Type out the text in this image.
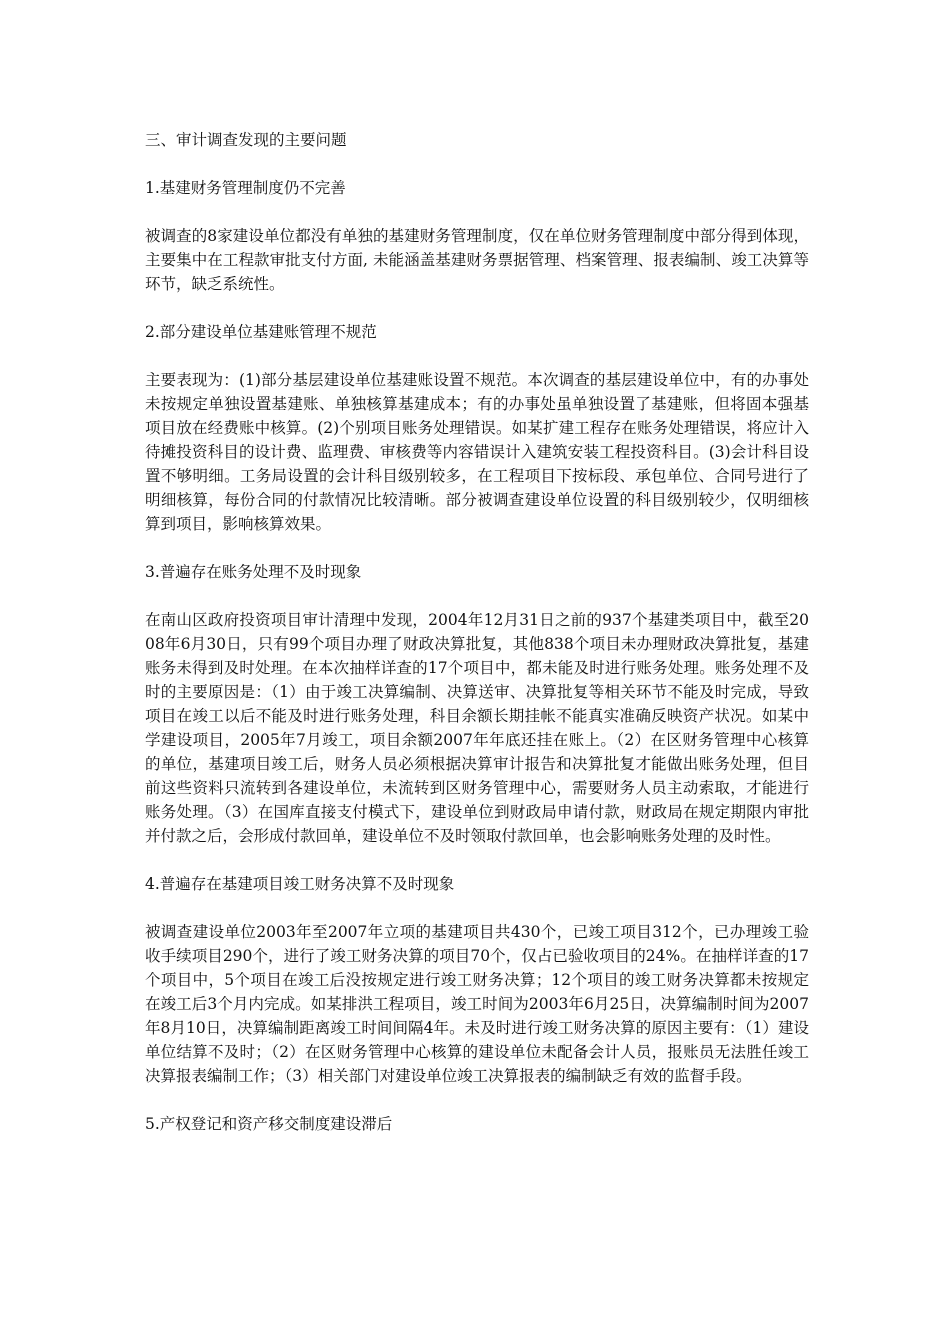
三、审计调查发现的主要问题

1.基建财务管理制度仍不完善

被调查的8家建设单位都没有单独的基建财务管理制度，仅在单位财务管理制度中部分得到体现，主要集中在工程款审批支付方面, 未能涵盖基建财务票据管理、档案管理、报表编制、竣工决算等环节，缺乏系统性。

2.部分建设单位基建账管理不规范

主要表现为：(1)部分基层建设单位基建账设置不规范。本次调查的基层建设单位中，有的办事处未按规定单独设置基建账、单独核算基建成本；有的办事处虽单独设置了基建账，但将固本强基项目放在经费账中核算。(2)个别项目账务处理错误。如某扩建工程存在账务处理错误，将应计入待摊投资科目的设计费、监理费、审核费等内容错误计入建筑安装工程投资科目。(3)会计科目设置不够明细。工务局设置的会计科目级别较多，在工程项目下按标段、承包单位、合同号进行了明细核算，每份合同的付款情况比较清晰。部分被调查建设单位设置的科目级别较少，仅明细核算到项目，影响核算效果。

3.普遍存在账务处理不及时现象

在南山区政府投资项目审计清理中发现，2004年12月31日之前的937个基建类项目中，截至2008年6月30日，只有99个项目办理了财政决算批复，其他838个项目未办理财政决算批复，基建账务未得到及时处理。在本次抽样详查的17个项目中，都未能及时进行账务处理。账务处理不及时的主要原因是：（1）由于竣工决算编制、决算送审、决算批复等相关环节不能及时完成，导致项目在竣工以后不能及时进行账务处理，科目余额长期挂帐不能真实准确反映资产状况。如某中学建设项目，2005年7月竣工，项目余额2007年年底还挂在账上。（2）在区财务管理中心核算的单位，基建项目竣工后，财务人员必须根据决算审计报告和决算批复才能做出账务处理，但目前这些资料只流转到各建设单位，未流转到区财务管理中心，需要财务人员主动索取，才能进行账务处理。（3）在国库直接支付模式下，建设单位到财政局申请付款，财政局在规定期限内审批并付款之后，会形成付款回单，建设单位不及时领取付款回单，也会影响账务处理的及时性。

4.普遍存在基建项目竣工财务决算不及时现象

被调查建设单位2003年至2007年立项的基建项目共430个，已竣工项目312个，已办理竣工验收手续项目290个，进行了竣工财务决算的项目70个，仅占已验收项目的24%。在抽样详查的17个项目中，5个项目在竣工后没按规定进行竣工财务决算；12个项目的竣工财务决算都未按规定在竣工后3个月内完成。如某排洪工程项目，竣工时间为2003年6月25日，决算编制时间为2007年8月10日，决算编制距离竣工时间间隔4年。未及时进行竣工财务决算的原因主要有：（1）建设单位结算不及时；（2）在区财务管理中心核算的建设单位未配备会计人员，报账员无法胜任竣工决算报表编制工作；（3）相关部门对建设单位竣工决算报表的编制缺乏有效的监督手段。

5.产权登记和资产移交制度建设滞后
